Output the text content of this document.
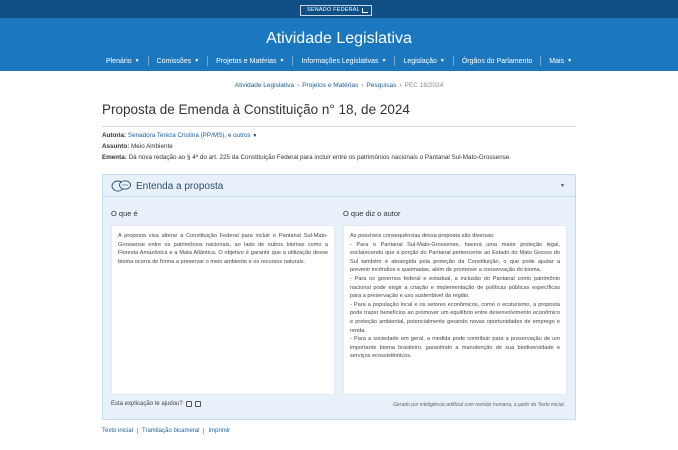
SENADO FEDERAL
Atividade Legislativa
Plenário ▼ Comissões ▼ Projetos e Matérias ▼ Informações Legislativas ▼ Legislação ▼ Órgãos do Parlamento Mais ▼
Atividade Legislativa › Projetos e Matérias › Pesquisas › PEC 18/2024
Proposta de Emenda à Constituição n° 18, de 2024
Autoria: Senadora Tereza Cristina (PP/MS), e outros ▼
Assunto: Meio Ambiente
Ementa: Dá nova redação ao § 4º do art. 225 da Constituição Federal para incluir entre os patrimônios nacionais o Pantanal Sul-Mato-Grossense.
Entenda a proposta	▼
O que é	O que diz o autor

A proposta visa alterar a Constituição Federal para incluir o Pantanal Sul-Mato-Grossense entre os patrimônios nacionais, ao lado de outros biomas como a Floresta Amazônica e a Mata Atlântica. O objetivo é garantir que a utilização desse bioma ocorra de forma a preservar o meio ambiente e os recursos naturais.

As possíveis consequências dessa proposta são diversas:

- Para o Pantanal Sul-Mato-Grossense, haverá uma maior proteção legal, esclarecendo que a porção do Pantanal pertencente ao Estado do Mato Grosso do Sul também é abrangida pela proteção da Constituição, o que pode ajudar a prevenir incêndios e queimadas, além de promover a conservação do bioma.

- Para os governos federal e estadual, a inclusão do Pantanal como patrimônio nacional pode exigir a criação e implementação de políticas públicas específicas para a preservação e uso sustentável da região.

- Para a população local e os setores econômicos, como o ecoturismo, a proposta pode trazer benefícios ao promover um equilíbrio entre desenvolvimento econômico e proteção ambiental, potencialmente gerando novas oportunidades de emprego e renda.

- Para a sociedade em geral, a medida pode contribuir para a preservação de um importante bioma brasileiro, garantindo a manutenção de sua biodiversidade e serviços ecossistêmicos.

Esta explicação te ajudou?	Gerado por inteligência artificial com revisão humana, a partir do Texto inicial.
Texto inicial	Tramitação bicameral	Imprimir
